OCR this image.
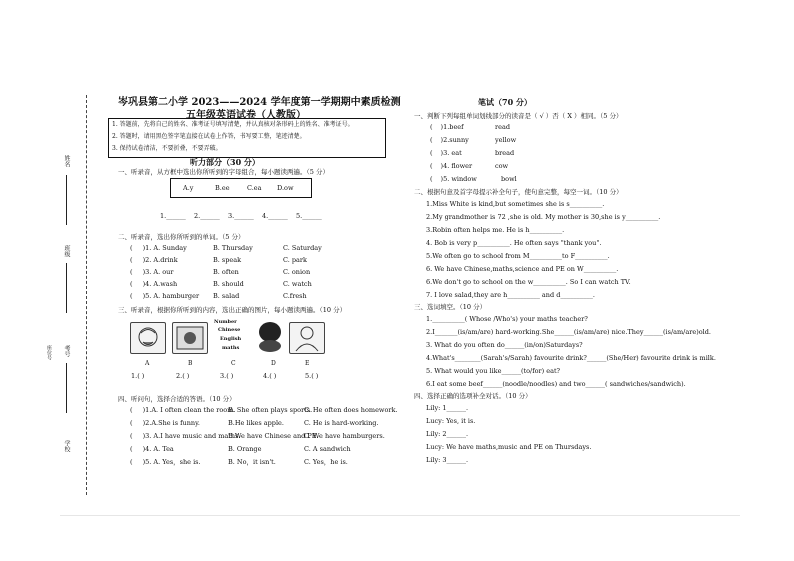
姓名
班级
考号
学校
座位号
岑巩县第二小学 2023——2024 学年度第一学期期中素质检测
五年级英语试卷（人教版）
1. 答题前，先将自己的姓名、准考证号填写清楚，并认真核对条形码上的姓名、准考证号。
2. 答题时，请用黑色签字笔直接在试卷上作答，书写要工整，笔迹清楚。
3. 保持试卷清洁，不要折叠，不要弄破。
听力部分（30 分）
一、听录音，从方框中选出你所听到的字母组合，每小题读两遍。（5 分）
A.y	B.ee	C.ea D.ow
1.______ 2.______ 3.______ 4.______ 5.______
二、听录音，选出你所听到的单词。（5 分）
( )1. A. Sunday	B. Thursday	C. Saturday
( )2. A.drink	B. speak	C. park
( )3. A. our	B. often	C. onion
( )4. A.wash	B. should	C. watch
( )5. A. hamburger B. salad	C.fresh
三、听录音，根据你所听到的内容，选出正确的图片，每小题读两遍。（10 分）
Number
Chinese
English
maths
A	B	C	D	E
1.( )	2.( )	3.( )	4.( )	5.( )
四、听问句，选择合适的答语。（10 分）
( )1.A. I often clean the room.
B. She often plays sports.
C. He often does homework.
( )2.A.She is funny.	B.He likes apple.	C. He is hard-working.
( )3. A.I have music and maths.
B.We have Chinese and PE.
C. We have hamburgers.
( )4. A. Tea	B. Orange	C. A sandwich
( )5. A. Yes，she is.	B. No，it isn't.	C. Yes，he is.
笔试（70 分）
一、判断下列每组单词划线部分的读音是（ √ ）否（ X ）相同。（5 分）
( )1.beef	read
( )2.sunny	yellow
( )3. eat	bread
( )4. flower	cow
( )5. window	bowl
二、根据句意及首字母提示补全句子，使句意完整，每空一词。（10 分）
1.Miss White is kind,but sometimes she is s__________.
2.My grandmother is 72 ,she is old. My mother is 30,she is y__________.
3.Robin often helps me. He is h__________.
4. Bob is very p__________. He often says "thank you".
5.We often go to school from M__________to F__________.
6. We have Chinese,maths,science and PE on W__________.
6.We don't go to school on the w__________. So I can watch TV.
7. I love salad,they are h__________ and d__________.
三、选词填空。（10 分）
1.__________( Whose /Who's) your maths teacher?
2.I_______(is/am/are) hard-working.She______(is/am/are) nice.They______(is/am/are)old.
3. What do you often do______(in/on)Saturdays?
4.What's________(Sarah's/Sarah) favourite drink?______(She/Her) favourite drink is milk.
5. What would you like______(to/for) eat?
6.I eat some beef______(noodle/noodles) and two______( sandwiches/sandwich).
四、选择正确的选项补全对话。（10 分）
Lily: 1______.
Lucy: Yes, it is.
Lily: 2______.
Lucy: We have maths,music and PE on Thursdays.
Lily: 3______.
